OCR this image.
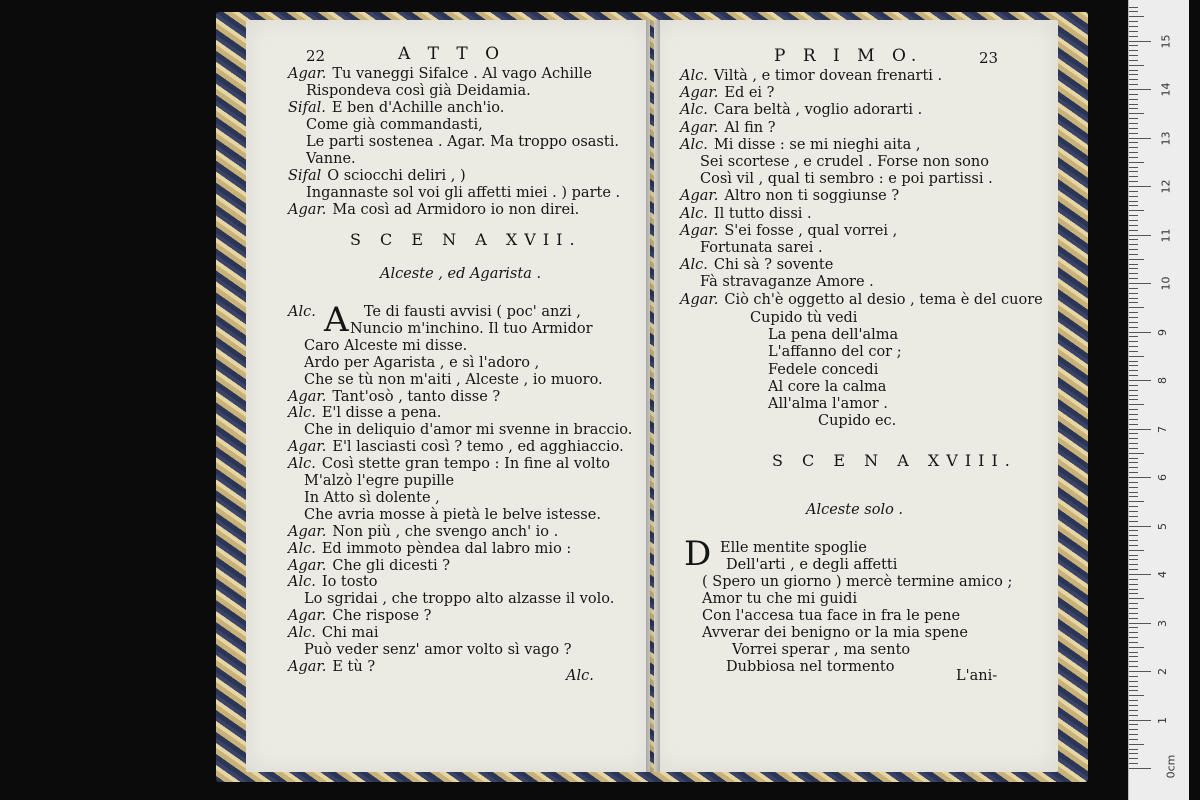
22	A T T O
Agar. Tu vaneggi Sifalce . Al vago Achille
Rispondeva così già Deidamia.
Sifal. E ben d'Achille anch'io.
Come già commandasti,
Le parti sostenea . Agar. Ma troppo osasti.
Vanne.
Sifal O sciocchi deliri , )
Ingannaste sol voi gli affetti miei . ) parte .
Agar. Ma così ad Armidoro io non direi.
S C E N A XVII.
Alceste , ed Agarista .
A
Alc.	Te di fausti avvisi ( poc' anzi ,
Nuncio m'inchino. Il tuo Armidor
Caro Alceste mi disse.
Ardo per Agarista , e sì l'adoro ,
Che se tù non m'aiti , Alceste , io muoro.
Agar. Tant'osò , tanto disse ?
Alc. E'l disse a pena.
Che in deliquio d'amor mi svenne in braccio.
Agar. E'l lasciasti così ? temo , ed agghiaccio.
Alc. Così stette gran tempo : In fine al volto
M'alzò l'egre pupille
In Atto sì dolente ,
Che avria mosse à pietà le belve istesse.
Agar. Non più , che svengo anch' io .
Alc. Ed immoto pèndea dal labro mio :
Agar. Che gli dicesti ?
Alc. Io tosto
Lo sgridai , che troppo alto alzasse il volo.
Agar. Che rispose ?
Alc. Chi mai
Può veder senz' amor volto sì vago ?
Agar. E tù ?
Alc.
P R I M O.	23
Alc. Viltà , e timor dovean frenarti .
Agar. Ed ei ?
Alc. Cara beltà , voglio adorarti .
Agar. Al fin ?
Alc. Mi disse : se mi nieghi aita ,
Sei scortese , e crudel . Forse non sono
Così vil , qual ti sembro : e poi partissi .
Agar. Altro non ti soggiunse ?
Alc. Il tutto dissi .
Agar. S'ei fosse , qual vorrei ,
Fortunata sarei .
Alc. Chi sà ? sovente
Fà stravaganze Amore .
Agar. Ciò ch'è oggetto al desio , tema è del cuore
Cupido tù vedi
La pena dell'alma
L'affanno del cor ;
Fedele concedi
Al core la calma
All'alma l'amor .
Cupido ec.
S C E N A XVIII.
Alceste solo .
D Elle mentite spoglie
Dell'arti , e degli affetti
( Spero un giorno ) mercè termine amico ;
Amor tu che mi guidi
Con l'accesa tua face in fra le pene
Avverar dei benigno or la mia spene
Vorrei sperar , ma sento
Dubbiosa nel tormento
L'ani-
0cm
1
2
3
4
5
6
7
8
9
10
11
12
13
14
15
